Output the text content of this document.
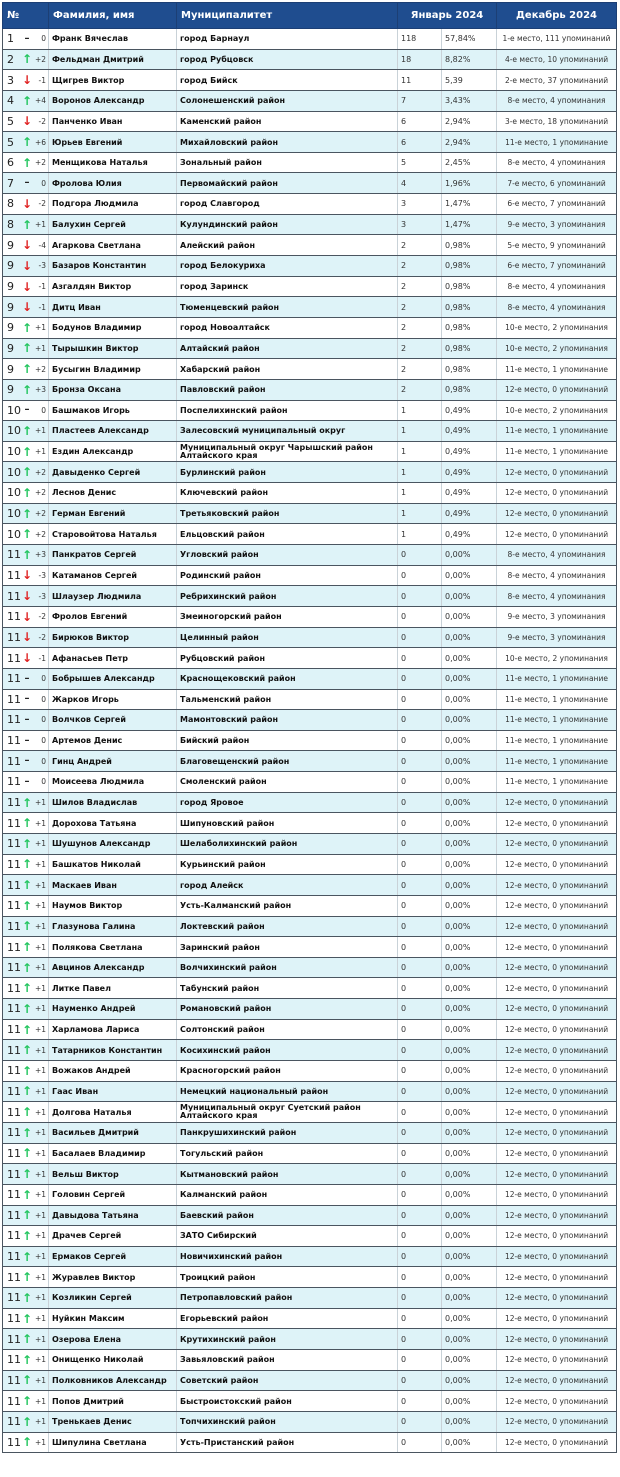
№	Фамилия, имя	Муниципалитет	Январь 2024		Декабрь 2024

1 – 0	Франк Вячеслав	город Барнаул	118	57,84%	1-е место, 111 упоминаний

2 ↑ +2	Фельдман Дмитрий	город Рубцовск	18	8,82%	4-е место, 10 упоминаний

3 ↓ -1	Щигрев Виктор	город Бийск	11	5,39	2-е место, 37 упоминаний

4 ↑ +4	Воронов Александр	Солонешенский район	7	3,43%	8-е место, 4 упоминания

5 ↓ -2	Панченко Иван	Каменский район	6	2,94%	3-е место, 18 упоминаний

5 ↑ +6	Юрьев Евгений	Михайловский район	6	2,94%	11-е место, 1 упоминание

6 ↑ +2	Менщикова Наталья	Зональный район	5	2,45%	8-е место, 4 упоминания

7 – 0	Фролова Юлия	Первомайский район	4	1,96%	7-е место, 6 упоминаний

8 ↓ -2	Подгора Людмила	город Славгород	3	1,47%	6-е место, 7 упоминаний

8 ↑ +1	Балухин Сергей	Кулундинский район	3	1,47%	9-е место, 3 упоминания

9 ↓ -4	Агаркова Светлана	Алейский район	2	0,98%	5-е место, 9 упоминаний

9 ↓ -3	Базаров Константин	город Белокуриха	2	0,98%	6-е место, 7 упоминаний

9 ↓ -1	Азгалдян Виктор	город Заринск	2	0,98%	8-е место, 4 упоминания

9 ↓ -1	Дитц Иван	Тюменцевский район	2	0,98%	8-е место, 4 упоминания

9 ↑ +1	Бодунов Владимир	город Новоалтайск	2	0,98%	10-е место, 2 упоминания

9 ↑ +1	Тырышкин Виктор	Алтайский район	2	0,98%	10-е место, 2 упоминания

9 ↑ +2	Бусыгин Владимир	Хабарский район	2	0,98%	11-е место, 1 упоминание

9 ↑ +3	Бронза Оксана	Павловский район	2	0,98%	12-е место, 0 упоминаний

10 – 0	Башмаков Игорь	Поспелихинский район	1	0,49%	10-е место, 2 упоминания

10 ↑ +1	Пластеев Александр	Залесовский муниципальный округ	1	0,49%	11-е место, 1 упоминание

10 ↑ +1	Ездин Александр	Муниципальный округ Чарышский район Алтайского края	1	0,49%	11-е место, 1 упоминание

10 ↑ +2	Давыденко Сергей	Бурлинский район	1	0,49%	12-е место, 0 упоминаний

10 ↑ +2	Леснов Денис	Ключевский район	1	0,49%	12-е место, 0 упоминаний

10 ↑ +2	Герман Евгений	Третьяковский район	1	0,49%	12-е место, 0 упоминаний

10 ↑ +2	Старовойтова Наталья	Ельцовский район	1	0,49%	12-е место, 0 упоминаний

11 ↑ +3	Панкратов Сергей	Угловский район	0	0,00%	8-е место, 4 упоминания

11 ↓ -3	Катаманов Сергей	Родинский район	0	0,00%	8-е место, 4 упоминания

11 ↓ -3	Шлаузер Людмила	Ребрихинский район	0	0,00%	8-е место, 4 упоминания

11 ↓ -2	Фролов Евгений	Змеиногорский район	0	0,00%	9-е место, 3 упоминания

11 ↓ -2	Бирюков Виктор	Целинный район	0	0,00%	9-е место, 3 упоминания

11 ↓ -1	Афанасьев Петр	Рубцовский район	0	0,00%	10-е место, 2 упоминания

11 – 0	Бобрышев Александр	Краснощековский район	0	0,00%	11-е место, 1 упоминание

11 – 0	Жарков Игорь	Тальменский район	0	0,00%	11-е место, 1 упоминание

11 – 0	Волчков Сергей	Мамонтовский район	0	0,00%	11-е место, 1 упоминание

11 – 0	Артемов Денис	Бийский район	0	0,00%	11-е место, 1 упоминание

11 – 0	Гинц Андрей	Благовещенский район	0	0,00%	11-е место, 1 упоминание

11 – 0	Моисеева Людмила	Смоленский район	0	0,00%	11-е место, 1 упоминание

11 ↑ +1	Шилов Владислав	город Яровое	0	0,00%	12-е место, 0 упоминаний

11 ↑ +1	Дорохова Татьяна	Шипуновский район	0	0,00%	12-е место, 0 упоминаний

11 ↑ +1	Шушунов Александр	Шелаболихинский район	0	0,00%	12-е место, 0 упоминаний

11 ↑ +1	Башкатов Николай	Курьинский район	0	0,00%	12-е место, 0 упоминаний

11 ↑ +1	Маскаев Иван	город Алейск	0	0,00%	12-е место, 0 упоминаний

11 ↑ +1	Наумов Виктор	Усть-Калманский район	0	0,00%	12-е место, 0 упоминаний

11 ↑ +1	Глазунова Галина	Локтевский район	0	0,00%	12-е место, 0 упоминаний

11 ↑ +1	Полякова Светлана	Заринский район	0	0,00%	12-е место, 0 упоминаний

11 ↑ +1	Авцинов Александр	Волчихинский район	0	0,00%	12-е место, 0 упоминаний

11 ↑ +1	Литке Павел	Табунский район	0	0,00%	12-е место, 0 упоминаний

11 ↑ +1	Науменко Андрей	Романовский район	0	0,00%	12-е место, 0 упоминаний

11 ↑ +1	Харламова Лариса	Солтонский район	0	0,00%	12-е место, 0 упоминаний

11 ↑ +1	Татарников Константин	Косихинский район	0	0,00%	12-е место, 0 упоминаний

11 ↑ +1	Вожаков Андрей	Красногорский район	0	0,00%	12-е место, 0 упоминаний

11 ↑ +1	Гаас Иван	Немецкий национальный район	0	0,00%	12-е место, 0 упоминаний

11 ↑ +1	Долгова Наталья	Муниципальный округ Суетский район Алтайского края	0	0,00%	12-е место, 0 упоминаний

11 ↑ +1	Васильев Дмитрий	Панкрушихинский район	0	0,00%	12-е место, 0 упоминаний

11 ↑ +1	Басалаев Владимир	Тогульский район	0	0,00%	12-е место, 0 упоминаний

11 ↑ +1	Вельш Виктор	Кытмановский район	0	0,00%	12-е место, 0 упоминаний

11 ↑ +1	Головин Сергей	Калманский район	0	0,00%	12-е место, 0 упоминаний

11 ↑ +1	Давыдова Татьяна	Баевский район	0	0,00%	12-е место, 0 упоминаний

11 ↑ +1	Драчев Сергей	ЗАТО Сибирский	0	0,00%	12-е место, 0 упоминаний

11 ↑ +1	Ермаков Сергей	Новичихинский район	0	0,00%	12-е место, 0 упоминаний

11 ↑ +1	Журавлев Виктор	Троицкий район	0	0,00%	12-е место, 0 упоминаний

11 ↑ +1	Козликин Сергей	Петропавловский район	0	0,00%	12-е место, 0 упоминаний

11 ↑ +1	Нуйкин Максим	Егорьевский район	0	0,00%	12-е место, 0 упоминаний

11 ↑ +1	Озерова Елена	Крутихинский район	0	0,00%	12-е место, 0 упоминаний

11 ↑ +1	Онищенко Николай	Завьяловский район	0	0,00%	12-е место, 0 упоминаний

11 ↑ +1	Полковников Александр	Советский район	0	0,00%	12-е место, 0 упоминаний

11 ↑ +1	Попов Дмитрий	Быстроистокский район	0	0,00%	12-е место, 0 упоминаний

11 ↑ +1	Тренькаев Денис	Топчихинский район	0	0,00%	12-е место, 0 упоминаний

11 ↑ +1	Шипулина Светлана	Усть-Пристанский район	0	0,00%	12-е место, 0 упоминаний
